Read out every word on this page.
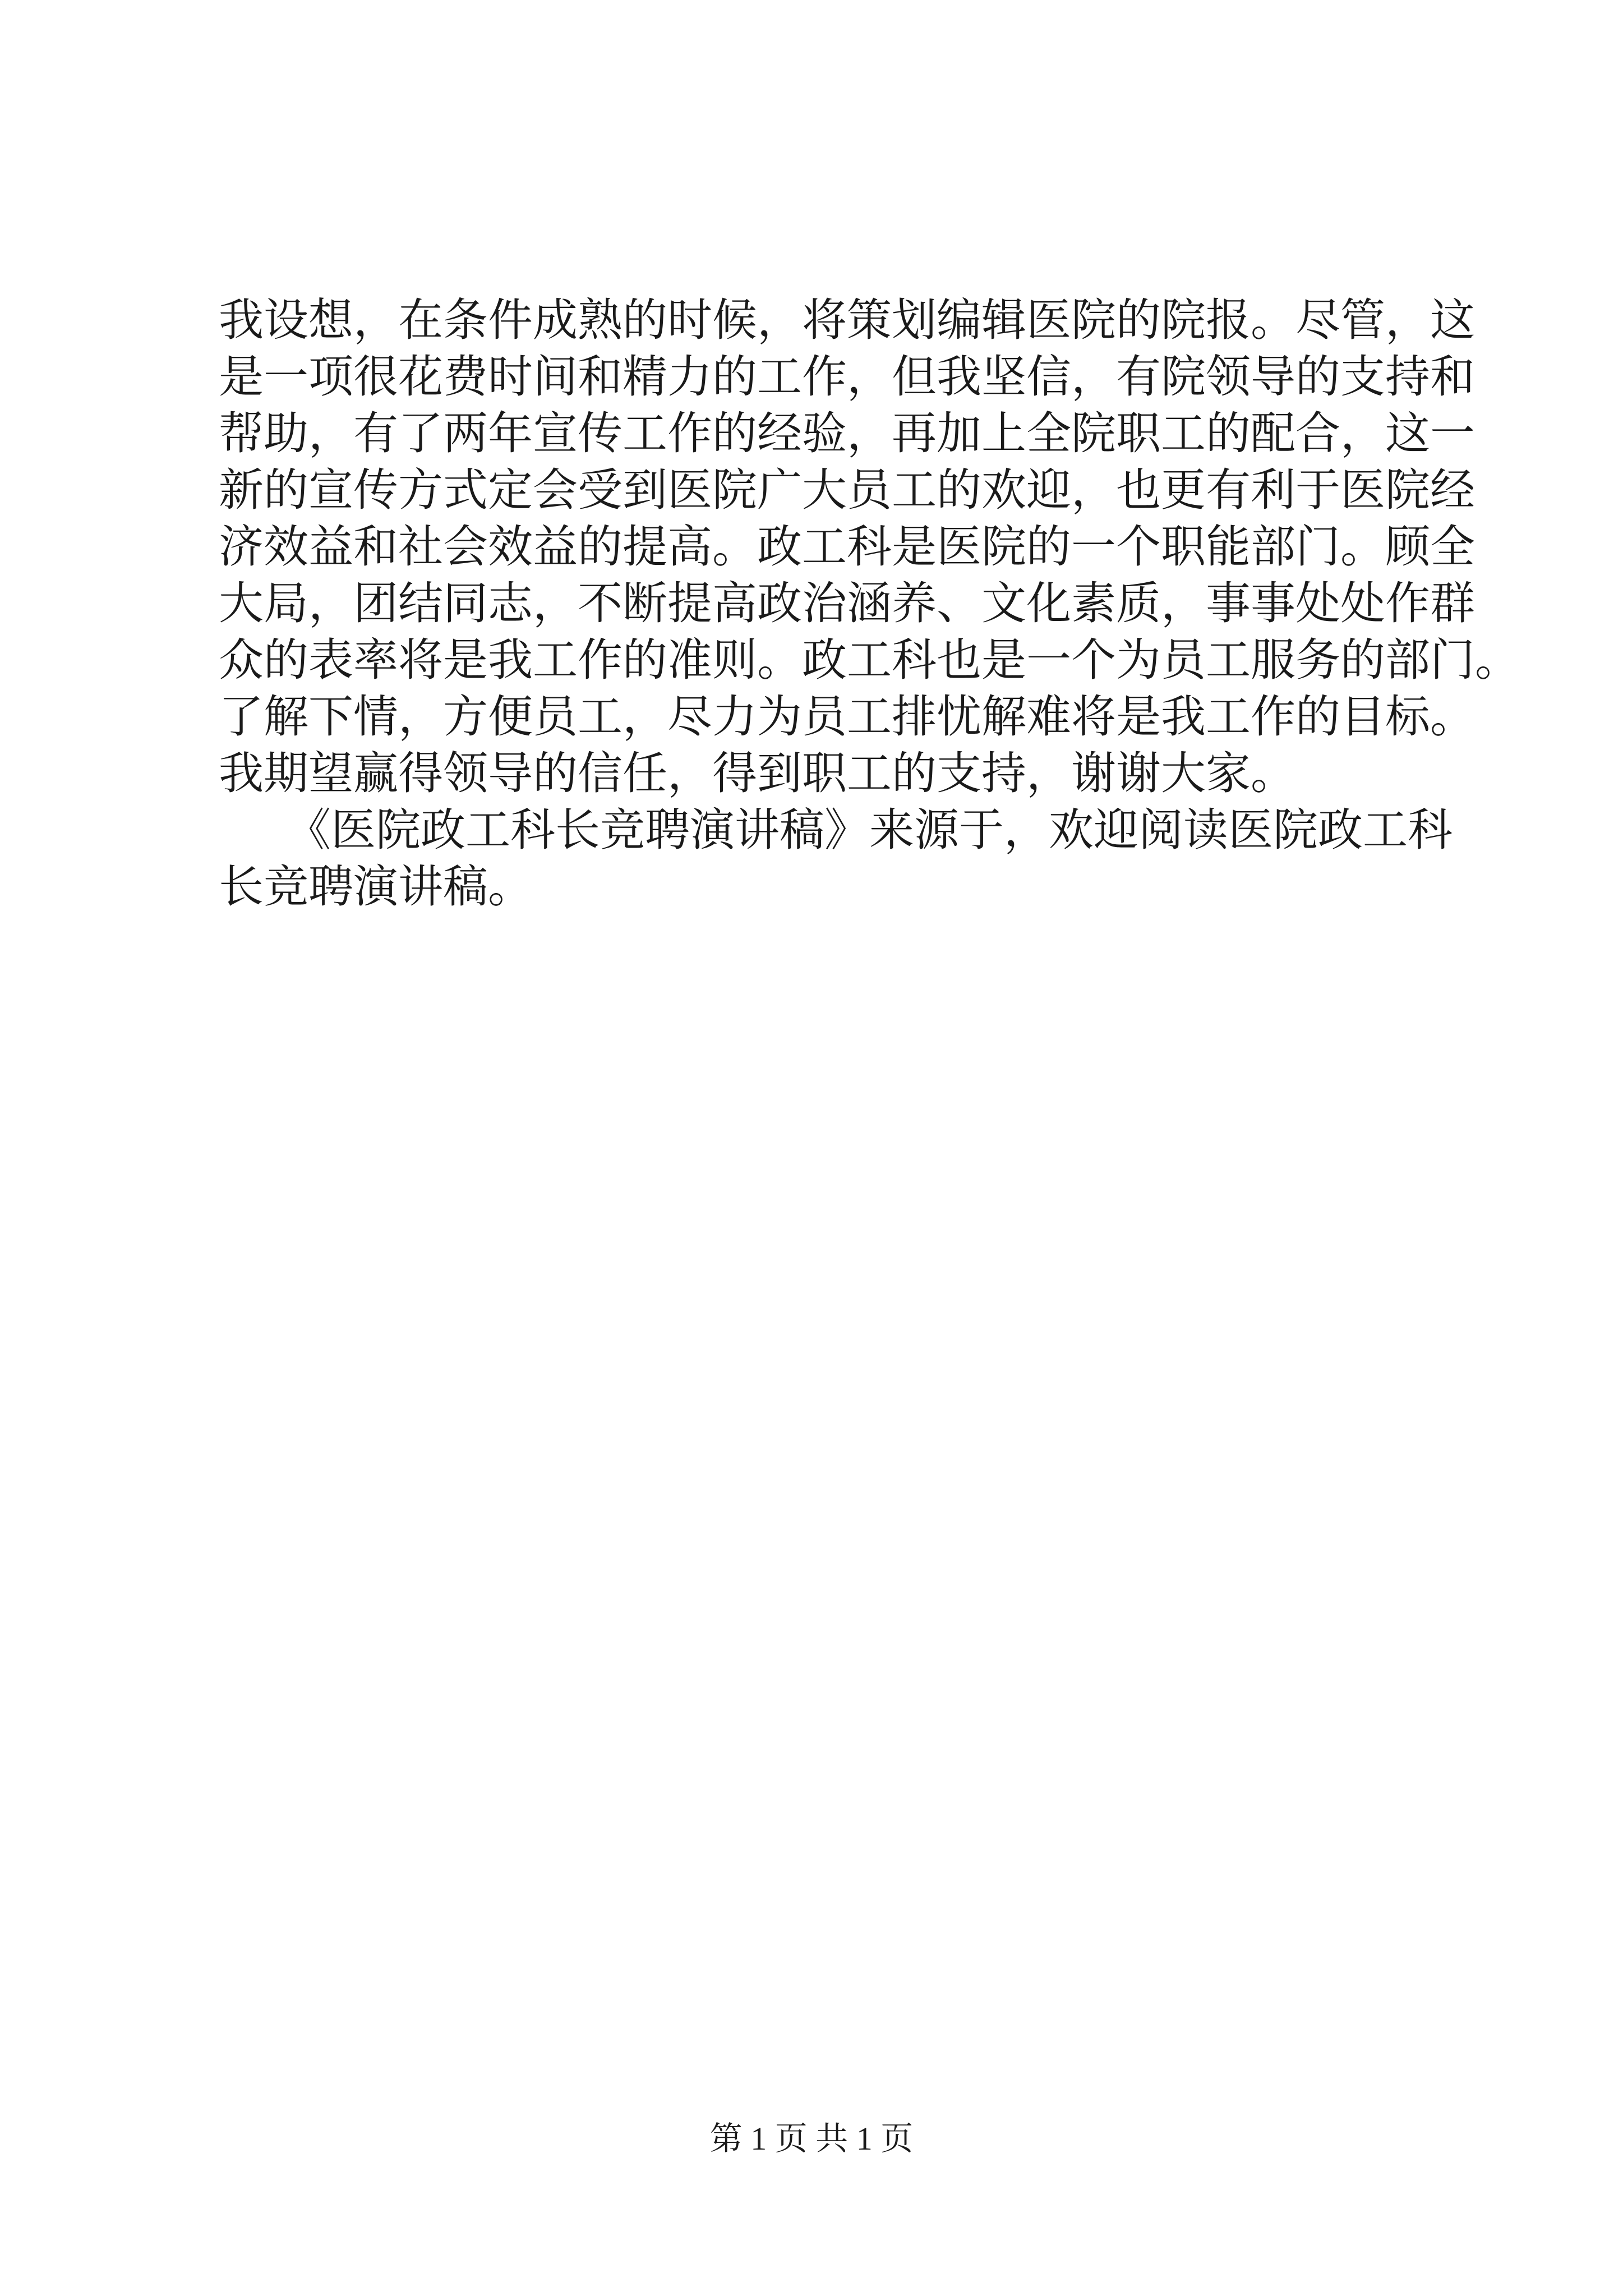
我设想，在条件成熟的时候，将策划编辑医院的院报。尽管，这
是一项很花费时间和精力的工作，但我坚信，有院领导的支持和
帮助，有了两年宣传工作的经验，再加上全院职工的配合，这一
新的宣传方式定会受到医院广大员工的欢迎，也更有利于医院经
济效益和社会效益的提高。政工科是医院的一个职能部门。顾全
大局，团结同志，不断提高政治涵养、文化素质，事事处处作群
众的表率将是我工作的准则。政工科也是一个为员工服务的部门。
了解下情，方便员工，尽力为员工排忧解难将是我工作的目标。
我期望赢得领导的信任，得到职工的支持，谢谢大家。
　　《医院政工科长竞聘演讲稿》来源于，欢迎阅读医院政工科
长竞聘演讲稿。
第 1 页 共 1 页
